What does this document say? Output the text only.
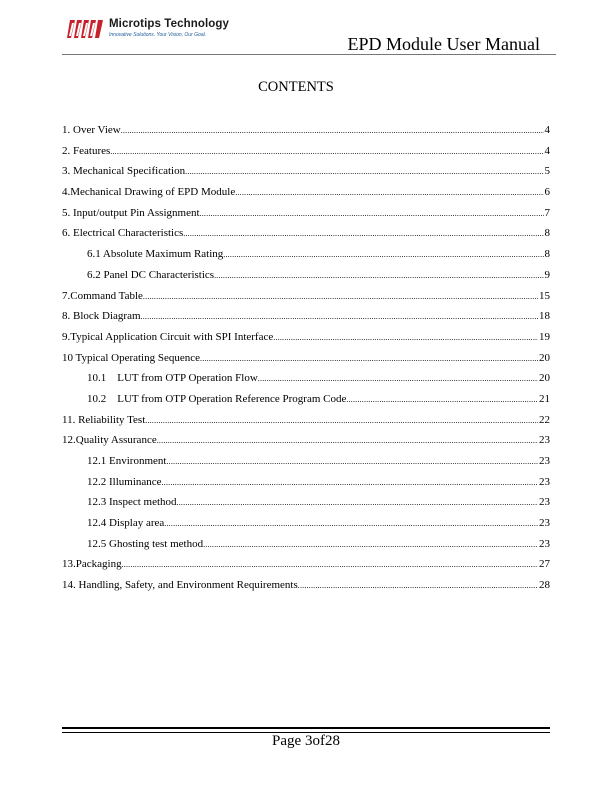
Microtips Technology
Innovative Solutions. Your Vision, Our Goal.	EPD Module User Manual
CONTENTS
1. Over View .....	4
2. Features .....	4
3. Mechanical Specification .....	5
4.Mechanical Drawing of EPD Module .....	6
5. Input/output Pin Assignment .....	7
6. Electrical Characteristics .....	8
6.1 Absolute Maximum Rating .....	8
6.2 Panel DC Characteristics .....	9
7.Command Table .....	15
8. Block Diagram .....	18
9.Typical Application Circuit with SPI Interface .....	19
10 Typical Operating Sequence .....	20
10.1    LUT from OTP Operation Flow .....	20
10.2    LUT from OTP Operation Reference Program Code .....	21
11. Reliability Test .....	22
12.Quality Assurance .....	23
12.1 Environment .....	23
12.2 Illuminance .....	23
12.3 Inspect method .....	23
12.4 Display area .....	23
12.5 Ghosting test method .....	23
13.Packaging .....	27
14. Handling, Safety, and Environment Requirements .....	28
Page 3of28
